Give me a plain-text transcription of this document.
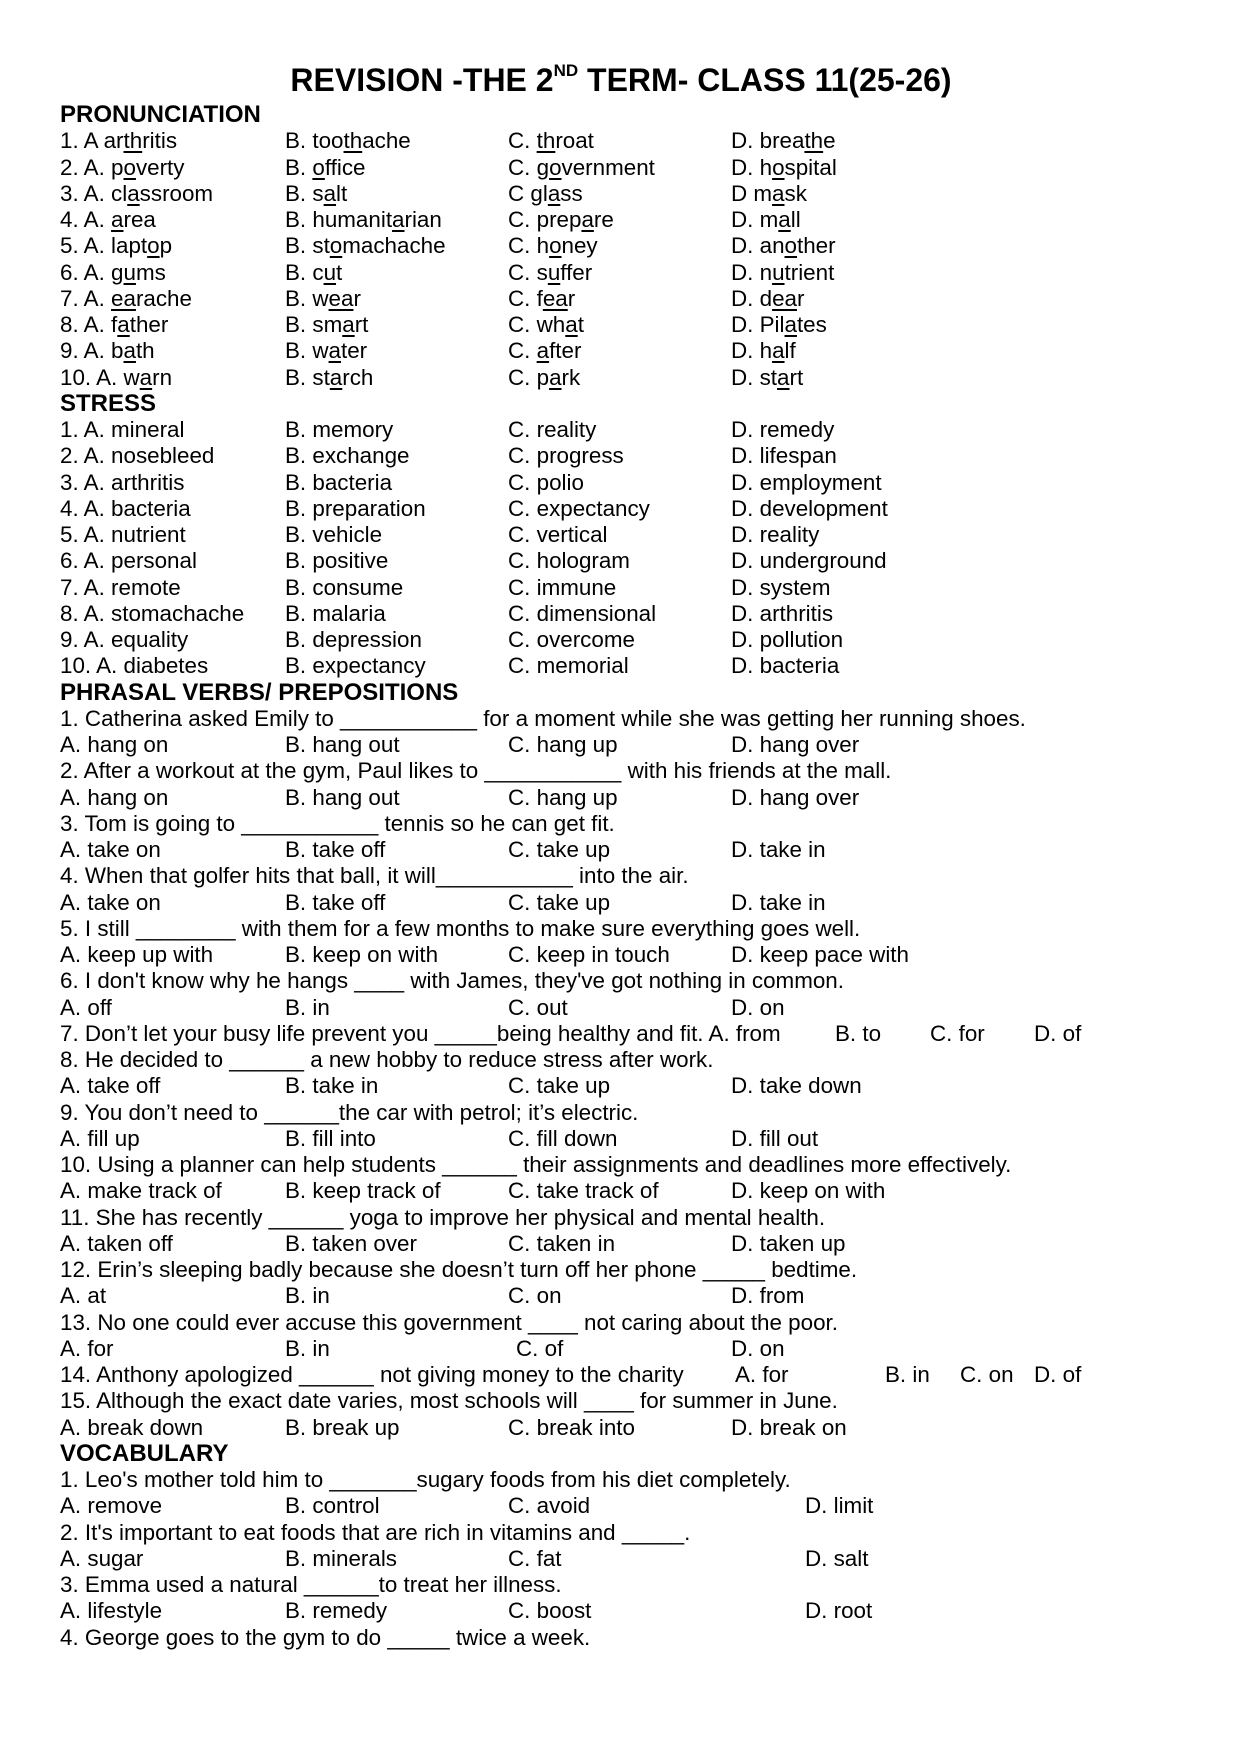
REVISION -THE 2ND TERM- CLASS 11(25-26)
PRONUNCIATION
1. A arthritis	B. toothache	C. throat	D. breathe
2. A. poverty	B. office	C. government	D. hospital
3. A. classroom	B. salt	C glass	D mask
4. A. area	B. humanitarian	C. prepare	D. mall
5. A. laptop	B. stomachache	C. honey	D. another
6. A. gums	B. cut	C. suffer	D. nutrient
7. A. earache	B. wear	C. fear	D. dear
8. A. father	B. smart	C. what	D. Pilates
9. A. bath	B. water	C. after	D. half
10. A. warn	B. starch	C. park	D. start
STRESS
1. A. mineral	B. memory	C. reality	D. remedy
2. A. nosebleed	B. exchange	C. progress	D. lifespan
3. A. arthritis	B. bacteria	C. polio	D. employment
4. A. bacteria	B. preparation	C. expectancy	D. development
5. A. nutrient	B. vehicle	C. vertical	D. reality
6. A. personal	B. positive	C. hologram	D. underground
7. A. remote	B. consume	C. immune	D. system
8. A. stomachache B. malaria	C. dimensional	D. arthritis
9. A. equality	B. depression	C. overcome	D. pollution
10. A. diabetes	B. expectancy	C. memorial	D. bacteria
PHRASAL VERBS/ PREPOSITIONS
1. Catherina asked Emily to ___________ for a moment while she was getting her running shoes.
A. hang on	B. hang out	C. hang up	D. hang over
2. After a workout at the gym, Paul likes to ___________ with his friends at the mall.
A. hang on	B. hang out	C. hang up	D. hang over
3. Tom is going to ___________ tennis so he can get fit.
A. take on	B. take off	C. take up	D. take in
4. When that golfer hits that ball, it will___________ into the air.
A. take on	B. take off	C. take up	D. take in
5. I still ________ with them for a few months to make sure everything goes well.
A. keep up with	B. keep on with	C. keep in touch	D. keep pace with
6. I don't know why he hangs ____ with James, they've got nothing in common.
A. off	B. in	C. out	D. on
7. Don’t let your busy life prevent you _____being healthy and fit. A. from B. to C. for D. of
8. He decided to ______ a new hobby to reduce stress after work.
A. take off	B. take in	C. take up	D. take down
9. You don’t need to ______the car with petrol; it’s electric.
A. fill up	B. fill into	C. fill down	D. fill out
10. Using a planner can help students ______ their assignments and deadlines more effectively.
A. make track of	B. keep track of	C. take track of	D. keep on with
11. She has recently ______ yoga to improve her physical and mental health.
A. taken off	B. taken over	C. taken in	D. taken up
12. Erin’s sleeping badly because she doesn’t turn off her phone _____ bedtime.
A. at	B. in	C. on	D. from
13. No one could ever accuse this government ____ not caring about the poor.
A. for	B. in	C. of	D. on
14. Anthony apologized ______ not giving money to the charity A. for	B. in C. on D. of
15. Although the exact date varies, most schools will ____ for summer in June.
A. break down	B. break up	C. break into	D. break on
VOCABULARY
1. Leo's mother told him to _______sugary foods from his diet completely.
A. remove	B. control	C. avoid	D. limit
2. It's important to eat foods that are rich in vitamins and _____.
A. sugar	B. minerals	C. fat	D. salt
3. Emma used a natural ______to treat her illness.
A. lifestyle	B. remedy	C. boost	D. root
4. George goes to the gym to do _____ twice a week.
